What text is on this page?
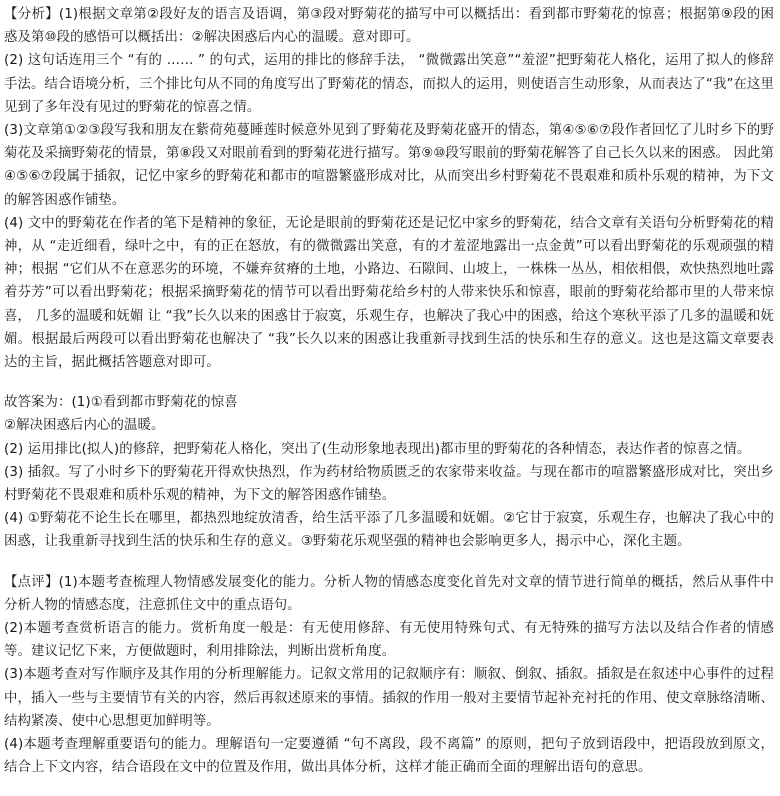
【分析】(1)根据文章第②段好友的语言及语调，第③段对野菊花的描写中可以概括出：看到都市野菊花的惊喜；根据第⑨段的困惑及第⑩段的感悟可以概括出：②解决困惑后内心的温暖。意对即可。

(2) 这句话连用三个 “有的 …… ” 的句式，运用的排比的修辞手法， “微微露出笑意”“羞涩”把野菊花人格化，运用了拟人的修辞手法。结合语境分析，三个排比句从不同的角度写出了野菊花的情态，而拟人的运用，则使语言生动形象，从而表达了“我”在这里见到了多年没有见过的野菊花的惊喜之情。

(3)文章第①②③段写我和朋友在紫荷苑蔓睡莲时候意外见到了野菊花及野菊花盛开的情态，第④⑤⑥⑦段作者回忆了儿时乡下的野菊花及采摘野菊花的情景，第⑧段又对眼前看到的野菊花进行描写。第⑨⑩段写眼前的野菊花解答了自己长久以来的困惑。 因此第④⑤⑥⑦段属于插叙，记忆中家乡的野菊花和都市的喧嚣繁盛形成对比，从而突出乡村野菊花不畏艰难和质朴乐观的精神，为下文的解答困惑作铺垫。

(4) 文中的野菊花在作者的笔下是精神的象征，无论是眼前的野菊花还是记忆中家乡的野菊花，结合文章有关语句分析野菊花的精神，从 “走近细看，绿叶之中，有的正在怒放，有的微微露出笑意，有的才羞涩地露出一点金黄”可以看出野菊花的乐观顽强的精神；根据 “它们从不在意恶劣的环境，不嫌弃贫瘠的土地，小路边、石隙间、山坡上，一株株一丛丛，相依相偎，欢快热烈地吐露着芬芳”可以看出野菊花；根据采摘野菊花的情节可以看出野菊花给乡村的人带来快乐和惊喜，眼前的野菊花给都市里的人带来惊喜， 几多的温暖和妩媚 让 “我”长久以来的困惑甘于寂寞，乐观生存，也解决了我心中的困惑，给这个寒秋平添了几多的温暖和妩媚。根据最后两段可以看出野菊花也解决了 “我”长久以来的困惑让我重新寻找到生活的快乐和生存的意义。这也是这篇文章要表达的主旨，据此概括答题意对即可。

故答案为：(1)①看到都市野菊花的惊喜

②解决困惑后内心的温暖。

(2) 运用排比(拟人)的修辞，把野菊花人格化，突出了(生动形象地表现出)都市里的野菊花的各种情态，表达作者的惊喜之情。

(3) 插叙。写了小时乡下的野菊花开得欢快热烈，作为药材给物质匮乏的农家带来收益。与现在都市的喧嚣繁盛形成对比，突出乡村野菊花不畏艰难和质朴乐观的精神，为下文的解答困惑作铺垫。

(4) ①野菊花不论生长在哪里，都热烈地绽放清香，给生活平添了几多温暖和妩媚。②它甘于寂寞，乐观生存，也解决了我心中的困惑，让我重新寻找到生活的快乐和生存的意义。③野菊花乐观坚强的精神也会影响更多人，揭示中心，深化主题。

【点评】(1)本题考查梳理人物情感发展变化的能力。分析人物的情感态度变化首先对文章的情节进行简单的概括，然后从事件中分析人物的情感态度，注意抓住文中的重点语句。

(2)本题考查赏析语言的能力。赏析角度一般是：有无使用修辞、有无使用特殊句式、有无特殊的描写方法以及结合作者的情感等。建议记忆下来，方便做题时，利用排除法，判断出赏析角度。

(3)本题考查对写作顺序及其作用的分析理解能力。记叙文常用的记叙顺序有：顺叙、倒叙、插叙。插叙是在叙述中心事件的过程中，插入一些与主要情节有关的内容，然后再叙述原来的事情。插叙的作用一般对主要情节起补充衬托的作用、使文章脉络清晰、结构紧凑、使中心思想更加鲜明等。

(4)本题考查理解重要语句的能力。理解语句一定要遵循 “句不离段，段不离篇” 的原则，把句子放到语段中，把语段放到原文，结合上下文内容，结合语段在文中的位置及作用，做出具体分析，这样才能正确而全面的理解出语句的意思。
